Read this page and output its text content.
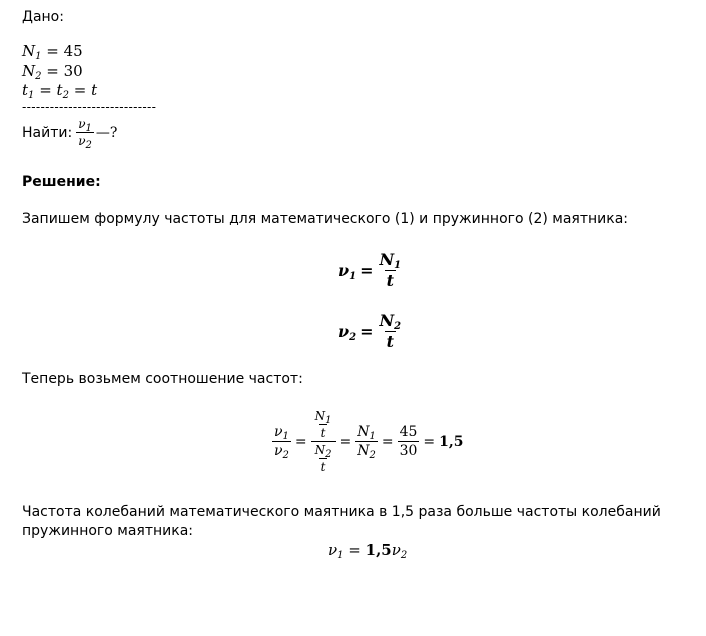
Дано:
$N_1 = 45$
$N_2 = 30$
$t_1 = t_2 = t$
-----------------------------
Найти: $\frac{\nu_1}{\nu_2}$ —?
Решение:
Запишем формулу частоты для математического (1) и пружинного (2) маятника:
$\nu_1 = \frac{N_1}{t}$
$\nu_2 = \frac{N_2}{t}$
Теперь возьмем соотношение частот:
$\frac{\nu_1}{\nu_2} = \frac{\frac{N_1}{t}}{\frac{N_2}{t}} = \frac{N_1}{N_2} = \frac{45}{30} = 1,5$
Частота колебаний математического маятника в 1,5 раза больше частоты колебаний
пружинного маятника:
$\nu_1 = 1,5\nu_2$
